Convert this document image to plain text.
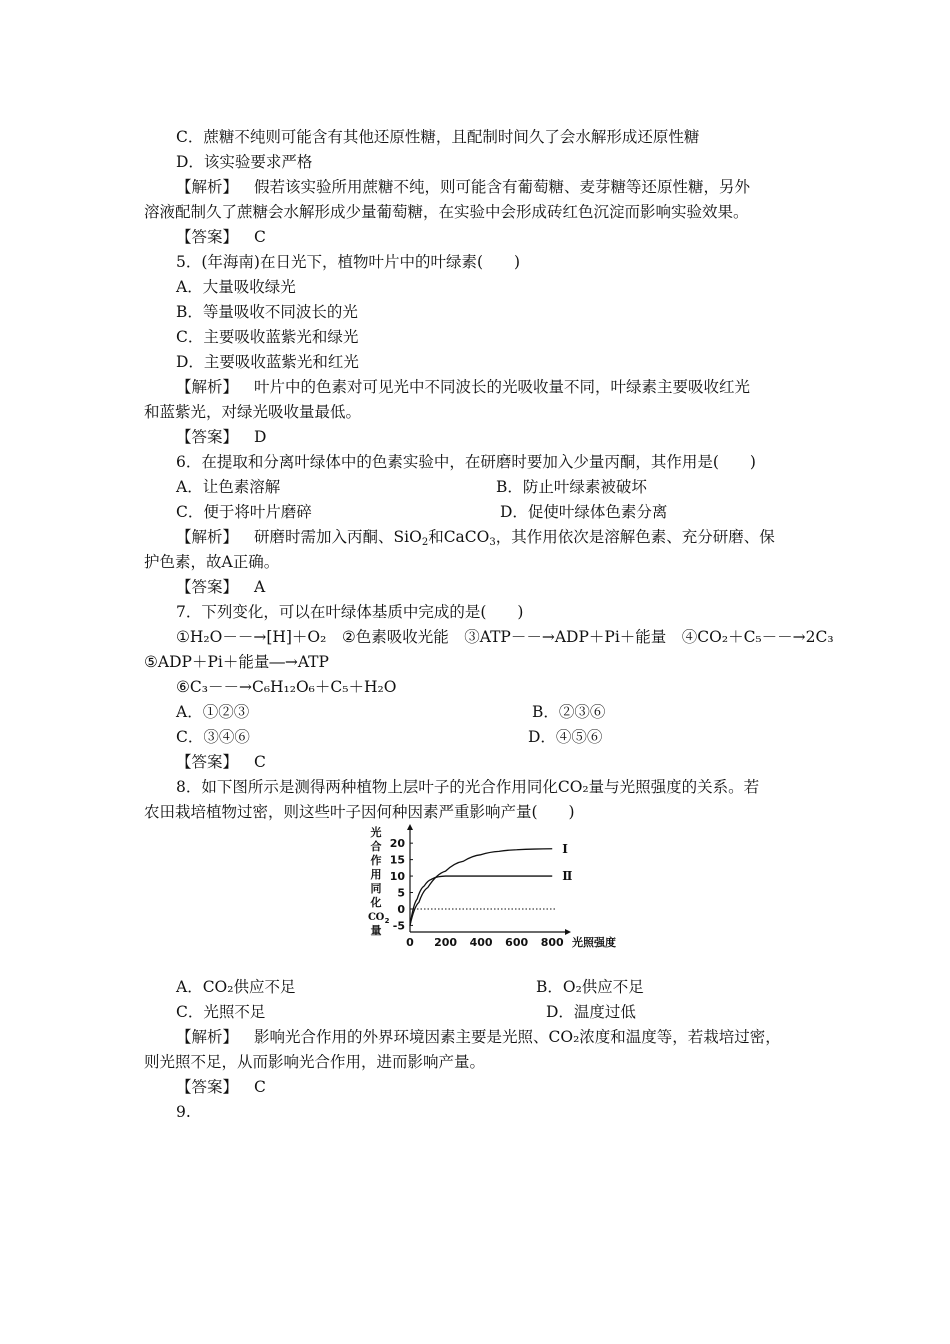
C．蔗糖不纯则可能含有其他还原性糖，且配制时间久了会水解形成还原性糖
D．该实验要求严格
【解析】 假若该实验所用蔗糖不纯，则可能含有葡萄糖、麦芽糖等还原性糖，另外
溶液配制久了蔗糖会水解形成少量葡萄糖，在实验中会形成砖红色沉淀而影响实验效果。
【答案】 C
5．(年海南)在日光下，植物叶片中的叶绿素(　　)
A．大量吸收绿光
B．等量吸收不同波长的光
C．主要吸收蓝紫光和绿光
D．主要吸收蓝紫光和红光
【解析】 叶片中的色素对可见光中不同波长的光吸收量不同，叶绿素主要吸收红光
和蓝紫光，对绿光吸收量最低。
【答案】 D
6．在提取和分离叶绿体中的色素实验中，在研磨时要加入少量丙酮，其作用是(　　)
A．让色素溶解	B．防止叶绿素被破坏
C．便于将叶片磨碎	D．促使叶绿体色素分离
【解析】 研磨时需加入丙酮、SiO$_2$和CaCO$_3$，其作用依次是溶解色素、充分研磨、保
护色素，故A正确。
【答案】 A
7．下列变化，可以在叶绿体基质中完成的是(　　)
①H₂O－－→[H]＋O₂　②色素吸收光能　③ATP－－→ADP＋Pi＋能量　④CO₂＋C₅－－→2C₃
⑤ADP＋Pi＋能量―→ATP
⑥C₃－－→C₆H₁₂O₆＋C₅＋H₂O
A．①②③	B．②③⑥
C．③④⑥	D．④⑤⑥
【答案】 C
8．如下图所示是测得两种植物上层叶子的光合作用同化CO₂量与光照强度的关系。若
农田栽培植物过密，则这些叶子因何种因素严重影响产量(　　)
光
合
作
用
同
化
C O 2
量
20
15
10
5
0
-5
0 200 400 600 800 光照强度
Ⅰ
Ⅱ
A．CO₂供应不足	B．O₂供应不足
C．光照不足	D．温度过低
【解析】 影响光合作用的外界环境因素主要是光照、CO₂浓度和温度等，若栽培过密，
则光照不足，从而影响光合作用，进而影响产量。
【答案】 C
9.
